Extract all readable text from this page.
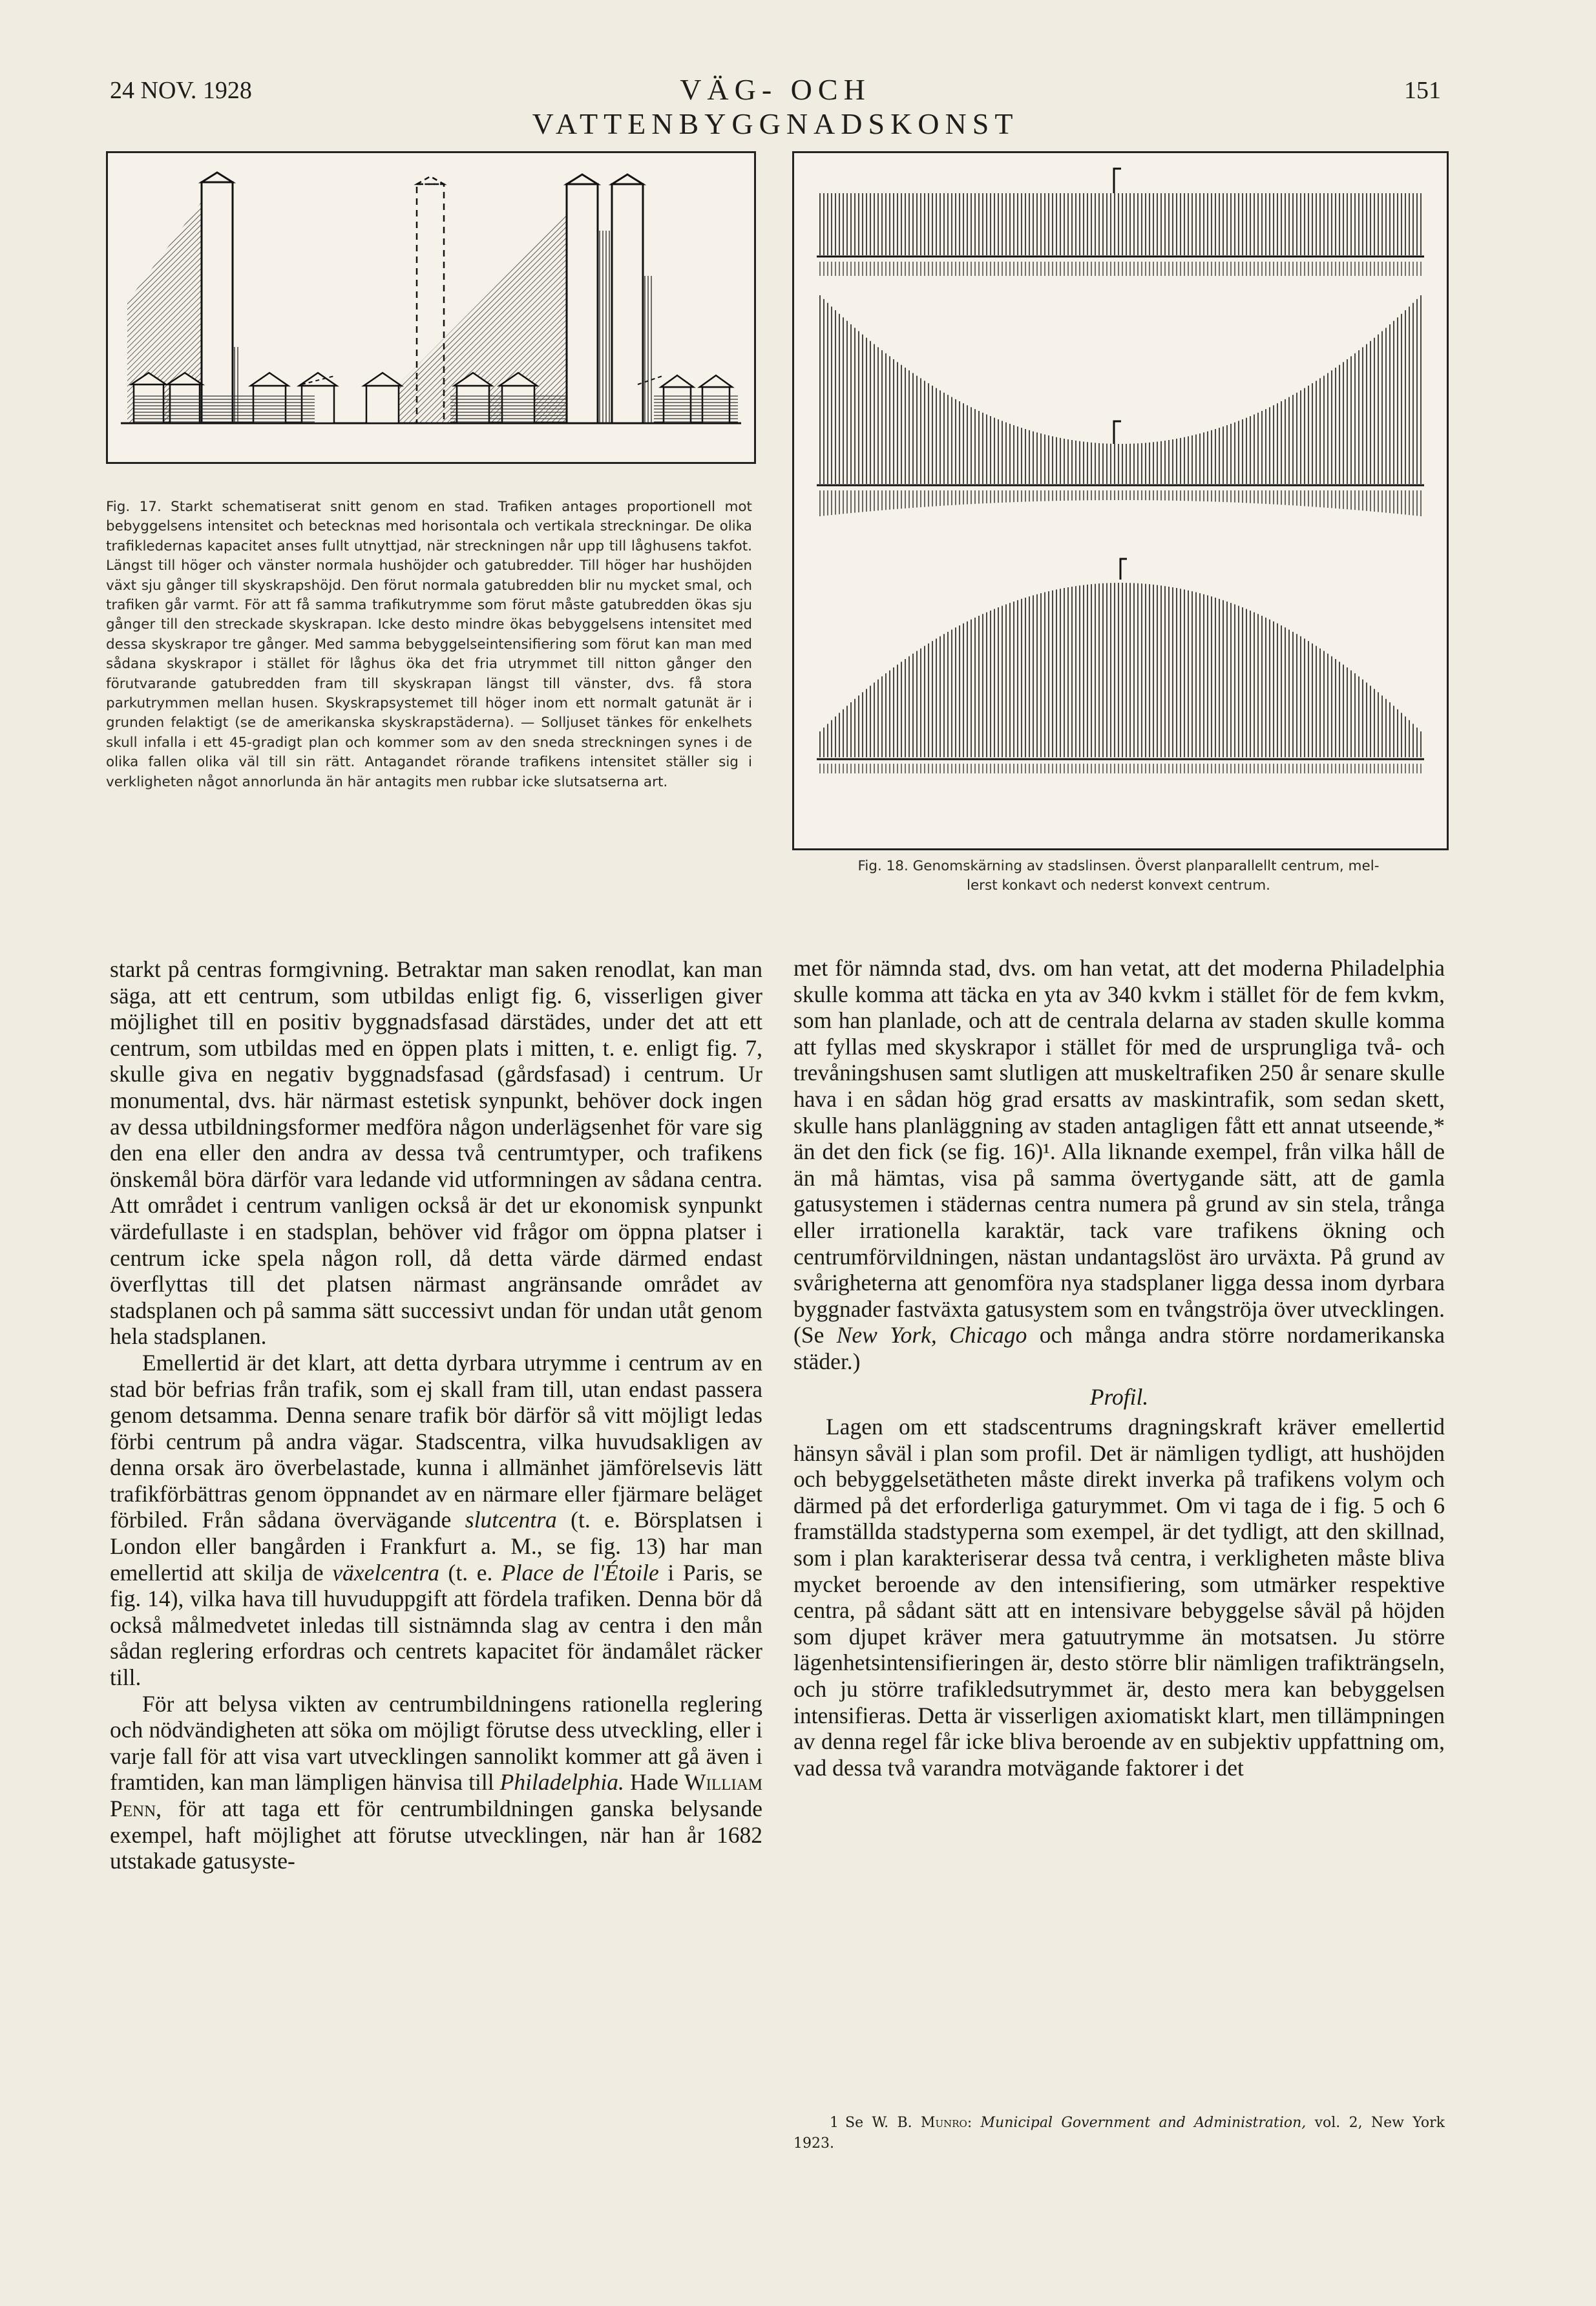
24 NOV. 1928	VÄG- OCH VATTENBYGGNADSKONST
151
Fig. 17. Starkt schematiserat snitt genom en stad. Trafiken antages proportionell mot bebyggelsens intensitet och betecknas med horisontala och vertikala streckningar. De olika trafikledernas kapacitet anses fullt utnyttjad, när streckningen når upp till låghusens takfot. Längst till höger och vänster normala hushöjder och gatubredder. Till höger har hushöjden växt sju gånger till skyskrapshöjd. Den förut normala gatubredden blir nu mycket smal, och trafiken går varmt. För att få samma trafikutrymme som förut måste gatubredden ökas sju gånger till den streckade skyskrapan. Icke desto mindre ökas bebyggelsens intensitet med dessa skyskrapor tre gånger. Med samma bebyggelseintensifiering som förut kan man med sådana skyskrapor i stället för låghus öka det fria utrymmet till nitton gånger den förutvarande gatubredden fram till skyskrapan längst till vänster, dvs. få stora parkutrymmen mellan husen. Skyskrapsystemet till höger inom ett normalt gatunät är i grunden felaktigt (se de amerikanska skyskrapstäderna). — Solljuset tänkes för enkelhets skull infalla i ett 45-gradigt plan och kommer som av den sneda streckningen synes i de olika fallen olika väl till sin rätt. Antagandet rörande trafikens intensitet ställer sig i verkligheten något annorlunda än här antagits men rubbar icke slutsatserna art.
Fig. 18. Genomskärning av stadslinsen. Överst planparallellt centrum, mel-
lerst konkavt och nederst konvext centrum.

starkt på centras formgivning. Betraktar man saken renodlat, kan man säga, att ett centrum, som utbildas enligt fig. 6, visserligen giver möjlighet till en positiv byggnadsfasad därstädes, under det att ett centrum, som utbildas med en öppen plats i mitten, t. e. enligt fig. 7, skulle giva en negativ byggnadsfasad (gårdsfasad) i centrum. Ur monumental, dvs. här närmast estetisk synpunkt, behöver dock ingen av dessa utbildningsformer medföra någon underlägsenhet för vare sig den ena eller den andra av dessa två centrumtyper, och trafikens önskemål böra därför vara ledande vid utformningen av sådana centra. Att området i centrum vanligen också är det ur ekonomisk synpunkt värdefullaste i en stadsplan, behöver vid frågor om öppna platser i centrum icke spela någon roll, då detta värde därmed endast överflyttas till det platsen närmast angränsande området av stadsplanen och på samma sätt successivt undan för undan utåt genom hela stadsplanen.

Emellertid är det klart, att detta dyrbara utrymme i centrum av en stad bör befrias från trafik, som ej skall fram till, utan endast passera genom detsamma. Denna senare trafik bör därför så vitt möjligt ledas förbi centrum på andra vägar. Stadscentra, vilka huvudsakligen av denna orsak äro överbelastade, kunna i allmänhet jämförelsevis lätt trafikförbättras genom öppnandet av en närmare eller fjärmare beläget förbiled. Från sådana övervägande slutcentra (t. e. Börsplatsen i London eller bangården i Frankfurt a. M., se fig. 13) har man emellertid att skilja de växelcentra (t. e. Place de l'Étoile i Paris, se fig. 14), vilka hava till huvuduppgift att fördela trafiken. Denna bör då också målmedvetet inledas till sistnämnda slag av centra i den mån sådan reglering erfordras och centrets kapacitet för ändamålet räcker till.

För att belysa vikten av centrumbildningens rationella reglering och nödvändigheten att söka om möjligt förutse dess utveckling, eller i varje fall för att visa vart utvecklingen sannolikt kommer att gå även i framtiden, kan man lämpligen hänvisa till Philadelphia. Hade William Penn, för att taga ett för centrumbildningen ganska belysande exempel, haft möjlighet att förutse utvecklingen, när han år 1682 utstakade gatusyste-

met för nämnda stad, dvs. om han vetat, att det moderna Philadelphia skulle komma att täcka en yta av 340 kvkm i stället för de fem kvkm, som han planlade, och att de centrala delarna av staden skulle komma att fyllas med skyskrapor i stället för med de ursprungliga två- och trevåningshusen samt slutligen att muskeltrafiken 250 år senare skulle hava i en sådan hög grad ersatts av maskintrafik, som sedan skett, skulle hans planläggning av staden antagligen fått ett annat utseende,* än det den fick (se fig. 16)¹. Alla liknande exempel, från vilka håll de än må hämtas, visa på samma övertygande sätt, att de gamla gatusystemen i städernas centra numera på grund av sin stela, trånga eller irrationella karaktär, tack vare trafikens ökning och centrumförvildningen, nästan undantagslöst äro urväxta. På grund av svårigheterna att genomföra nya stadsplaner ligga dessa inom dyrbara byggnader fastväxta gatusystem som en tvångströja över utvecklingen. (Se New York, Chicago och många andra större nordamerikanska städer.)

Profil.

Lagen om ett stadscentrums dragningskraft kräver emellertid hänsyn såväl i plan som profil. Det är nämligen tydligt, att hushöjden och bebyggelsetätheten måste direkt inverka på trafikens volym och därmed på det erforderliga gaturymmet. Om vi taga de i fig. 5 och 6 framställda stadstyperna som exempel, är det tydligt, att den skillnad, som i plan karakteriserar dessa två centra, i verkligheten måste bliva mycket beroende av den intensifiering, som utmärker respektive centra, på sådant sätt att en intensivare bebyggelse såväl på höjden som djupet kräver mera gatuutrymme än motsatsen. Ju större lägenhetsintensifieringen är, desto större blir nämligen trafikträngseln, och ju större trafikledsutrymmet är, desto mera kan bebyggelsen intensifieras. Detta är visserligen axiomatiskt klart, men tillämpningen av denna regel får icke bliva beroende av en subjektiv uppfattning om, vad dessa två varandra motvägande faktorer i det

1 Se W. B. Munro: Municipal Government and Administration, vol. 2, New York 1923.
